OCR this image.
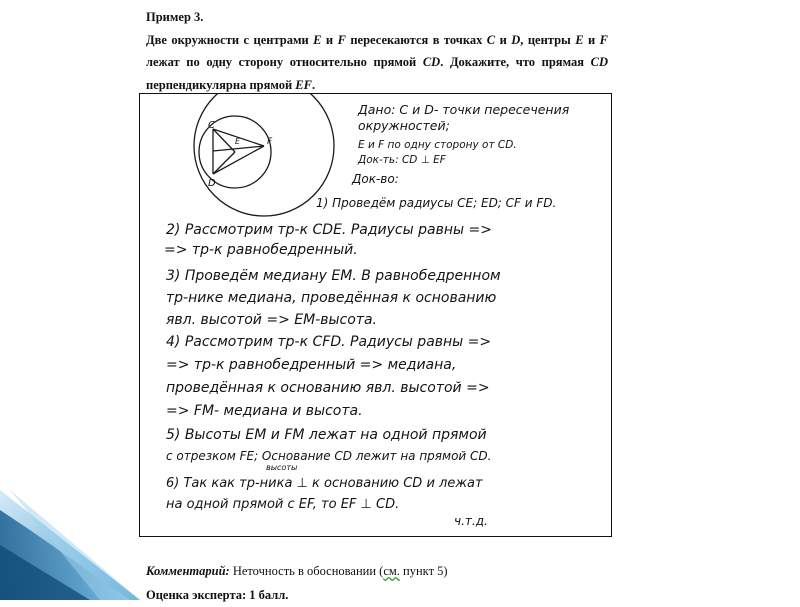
Пример 3.
Две окружности с центрами E и F пересекаются в точках C и D, центры E и F лежат по одну сторону относительно прямой CD. Докажите, что прямая CD перпендикулярна прямой EF.
C
D
E	F
Дано: С и D- точки пересечения
окружностей;
E и F по одну сторону от CD.
Док-ть: CD ⊥ EF
Док-во:
1) Проведём радиусы CE; ED; CF и FD.
2) Рассмотрим тр-к CDE. Радиусы равны =>
=> тр-к равнобедренный.
3) Проведём медиану EM. В равнобедренном
тр-нике медиана, проведённая к основанию
явл. высотой => EM-высота.
4) Рассмотрим тр-к CFD. Радиусы равны =>
=> тр-к равнобедренный => медиана,
проведённая к основанию явл. высотой =>
=> FM- медиана и высота.
5) Высоты EM и FM лежат на одной прямой
с отрезком FE; Основание CD лежит на прямой CD.
высоты
6) Так как тр-ника ⊥ к основанию CD и лежат
на одной прямой с EF, то EF ⊥ CD.
ч.т.д.
Комментарий: Неточность в обосновании (см. пункт 5)
Оценка эксперта: 1 балл.
